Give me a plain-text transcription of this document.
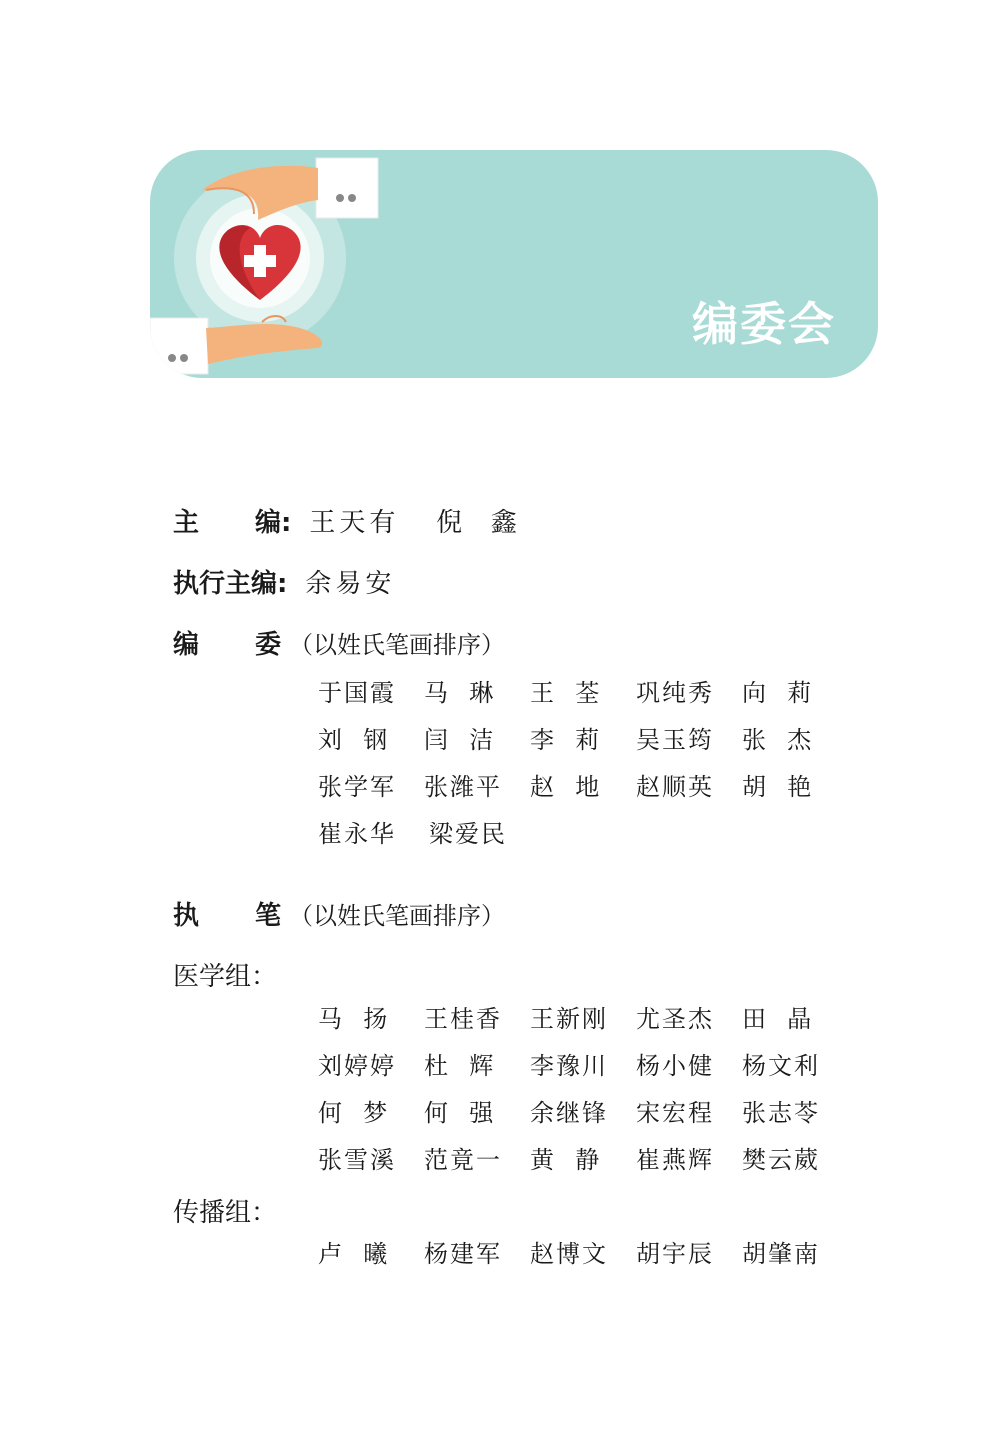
编委会
主 编 : 王天有   倪  鑫
执行主编: 余易安
编 委 （以姓氏笔画排序）
于国霞	马  琳	王  荃	巩纯秀	向  莉
刘  钢	闫  洁	李  莉	吴玉筠	张  杰
张学军	张潍平	赵  地	赵顺英	胡  艳
崔永华	梁爱民
执 笔 （以姓氏笔画排序）
医学组：
马  扬	王桂香	王新刚	尤圣杰	田  晶
刘婷婷	杜  辉	李豫川	杨小健	杨文利
何  梦	何  强	余继锋	宋宏程	张志苓
张雪溪	范竟一	黄  静	崔燕辉	樊云葳
传播组：
卢  曦	杨建军	赵博文	胡宇辰	胡肇南
